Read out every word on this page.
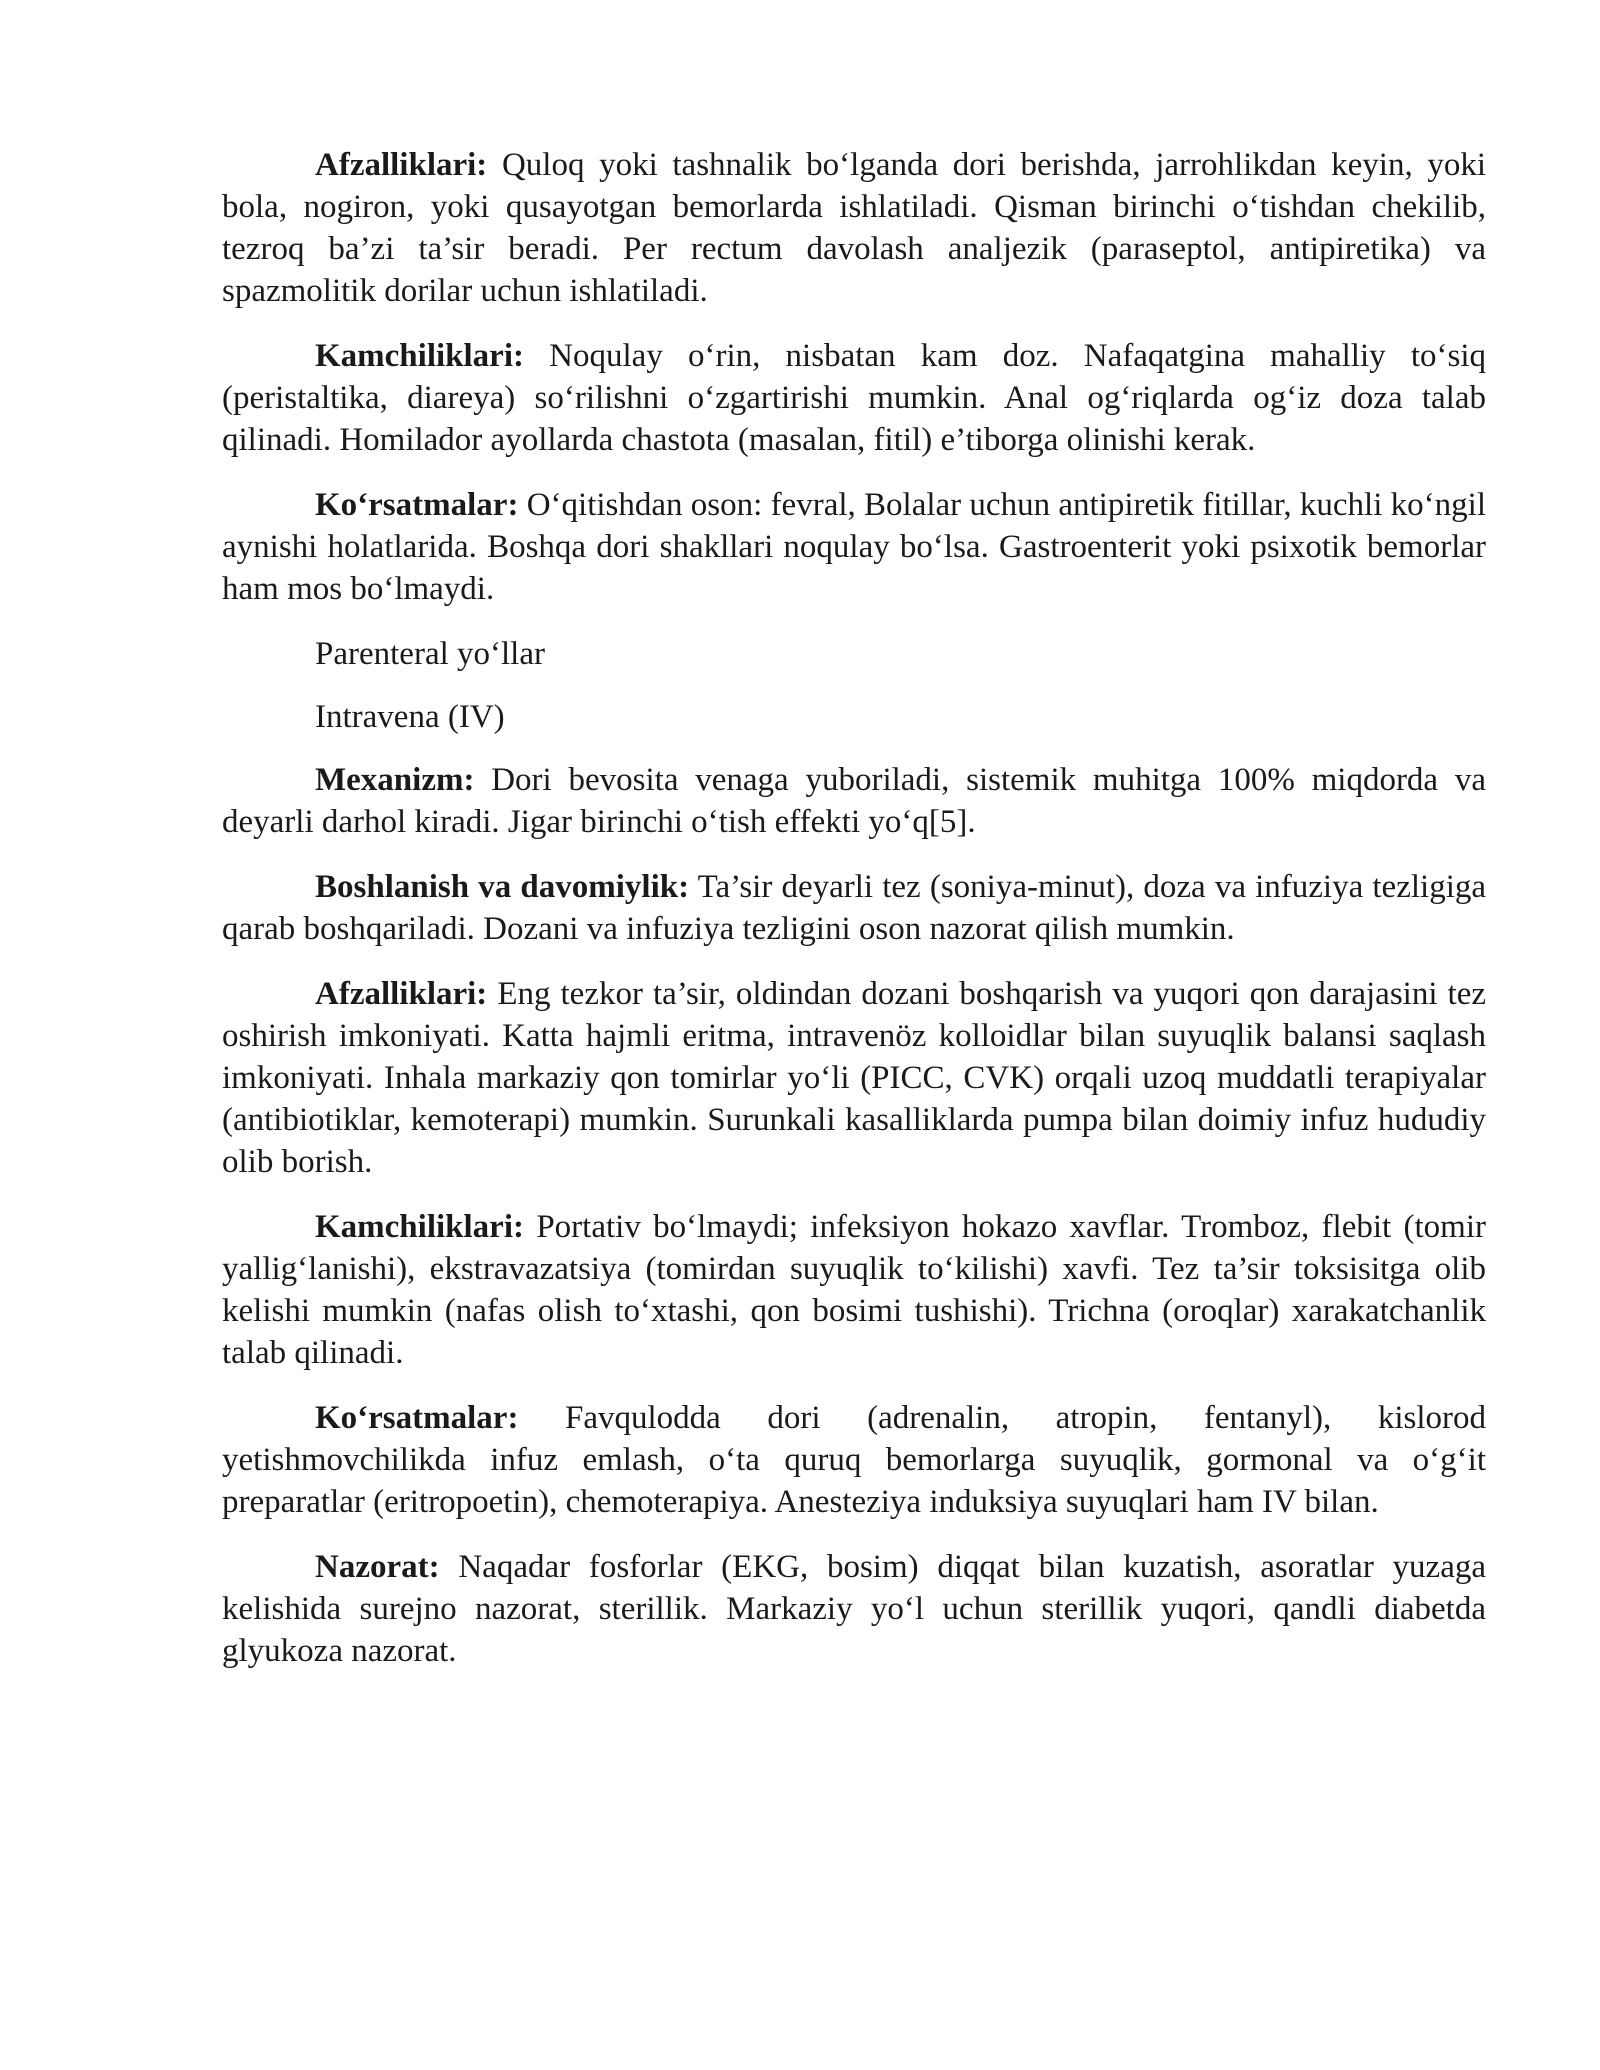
Afzalliklari: Quloq yoki tashnalik bo‘lganda dori berishda, jarrohlikdan keyin, yoki bola, nogiron, yoki qusayotgan bemorlarda ishlatiladi. Qisman birinchi o‘tishdan chekilib, tezroq ba’zi ta’sir beradi. Per rectum davolash analjezik (paraseptol, antipiretika) va spazmolitik dorilar uchun ishlatiladi.

Kamchiliklari: Noqulay o‘rin, nisbatan kam doz. Nafaqatgina mahalliy to‘siq (peristaltika, diareya) so‘rilishni o‘zgartirishi mumkin. Anal og‘riqlarda og‘iz doza talab qilinadi. Homilador ayollarda chastota (masalan, fitil) e’tiborga olinishi kerak.

Ko‘rsatmalar: O‘qitishdan oson: fevral, Bolalar uchun antipiretik fitillar, kuchli ko‘ngil aynishi holatlarida. Boshqa dori shakllari noqulay bo‘lsa. Gastroenterit yoki psixotik bemorlar ham mos bo‘lmaydi.

Parenteral yo‘llar

Intravena (IV)

Mexanizm: Dori bevosita venaga yuboriladi, sistemik muhitga 100% miqdorda va deyarli darhol kiradi. Jigar birinchi o‘tish effekti yo‘q[5].

Boshlanish va davomiylik: Ta’sir deyarli tez (soniya-minut), doza va infuziya tezligiga qarab boshqariladi. Dozani va infuziya tezligini oson nazorat qilish mumkin.

Afzalliklari: Eng tezkor ta’sir, oldindan dozani boshqarish va yuqori qon darajasini tez oshirish imkoniyati. Katta hajmli eritma, intravenöz kolloidlar bilan suyuqlik balansi saqlash imkoniyati. Inhala markaziy qon tomirlar yo‘li (PICC, CVK) orqali uzoq muddatli terapiyalar (antibiotiklar, kemoterapi) mumkin. Surunkali kasalliklarda pumpa bilan doimiy infuz hududiy olib borish.

Kamchiliklari: Portativ bo‘lmaydi; infeksiyon hokazo xavflar. Tromboz, flebit (tomir yallig‘lanishi), ekstravazatsiya (tomirdan suyuqlik to‘kilishi) xavfi. Tez ta’sir toksisitga olib kelishi mumkin (nafas olish to‘xtashi, qon bosimi tushishi). Trichna (oroqlar) xarakatchanlik talab qilinadi.

Ko‘rsatmalar: Favqulodda dori (adrenalin, atropin, fentanyl), kislorod yetishmovchilikda infuz emlash, o‘ta quruq bemorlarga suyuqlik, gormonal va o‘g‘it preparatlar (eritropoetin), chemoterapiya. Anesteziya induksiya suyuqlari ham IV bilan.

Nazorat: Naqadar fosforlar (EKG, bosim) diqqat bilan kuzatish, asoratlar yuzaga kelishida surejno nazorat, sterillik. Markaziy yo‘l uchun sterillik yuqori, qandli diabetda glyukoza nazorat.
